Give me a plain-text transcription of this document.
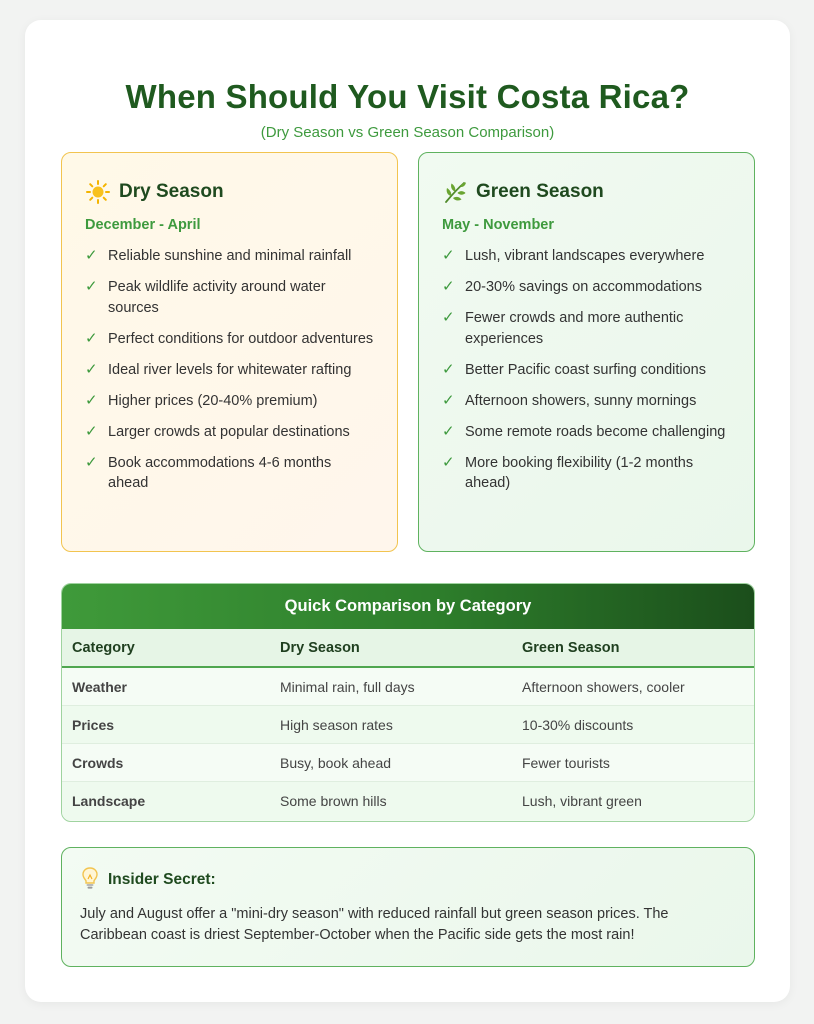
When Should You Visit Costa Rica?
(Dry Season vs Green Season Comparison)
Dry Season
December - April
✓ Reliable sunshine and minimal rainfall
✓ Peak wildlife activity around water sources
✓ Perfect conditions for outdoor adventures
✓ Ideal river levels for whitewater rafting
✓ Higher prices (20-40% premium)
✓ Larger crowds at popular destinations
✓ Book accommodations 4-6 months ahead
Green Season
May - November
✓ Lush, vibrant landscapes everywhere
✓ 20-30% savings on accommodations
✓ Fewer crowds and more authentic experiences
✓ Better Pacific coast surfing conditions
✓ Afternoon showers, sunny mornings
✓ Some remote roads become challenging
✓ More booking flexibility (1-2 months ahead)
Quick Comparison by Category
Category	Dry Season	Green Season
Weather	Minimal rain, full days	Afternoon showers, cooler
Prices	High season rates	10-30% discounts
Crowds	Busy, book ahead	Fewer tourists
Landscape	Some brown hills	Lush, vibrant green
Insider Secret:

July and August offer a "mini-dry season" with reduced rainfall but green season prices. The Caribbean coast is driest September-October when the Pacific side gets the most rain!
